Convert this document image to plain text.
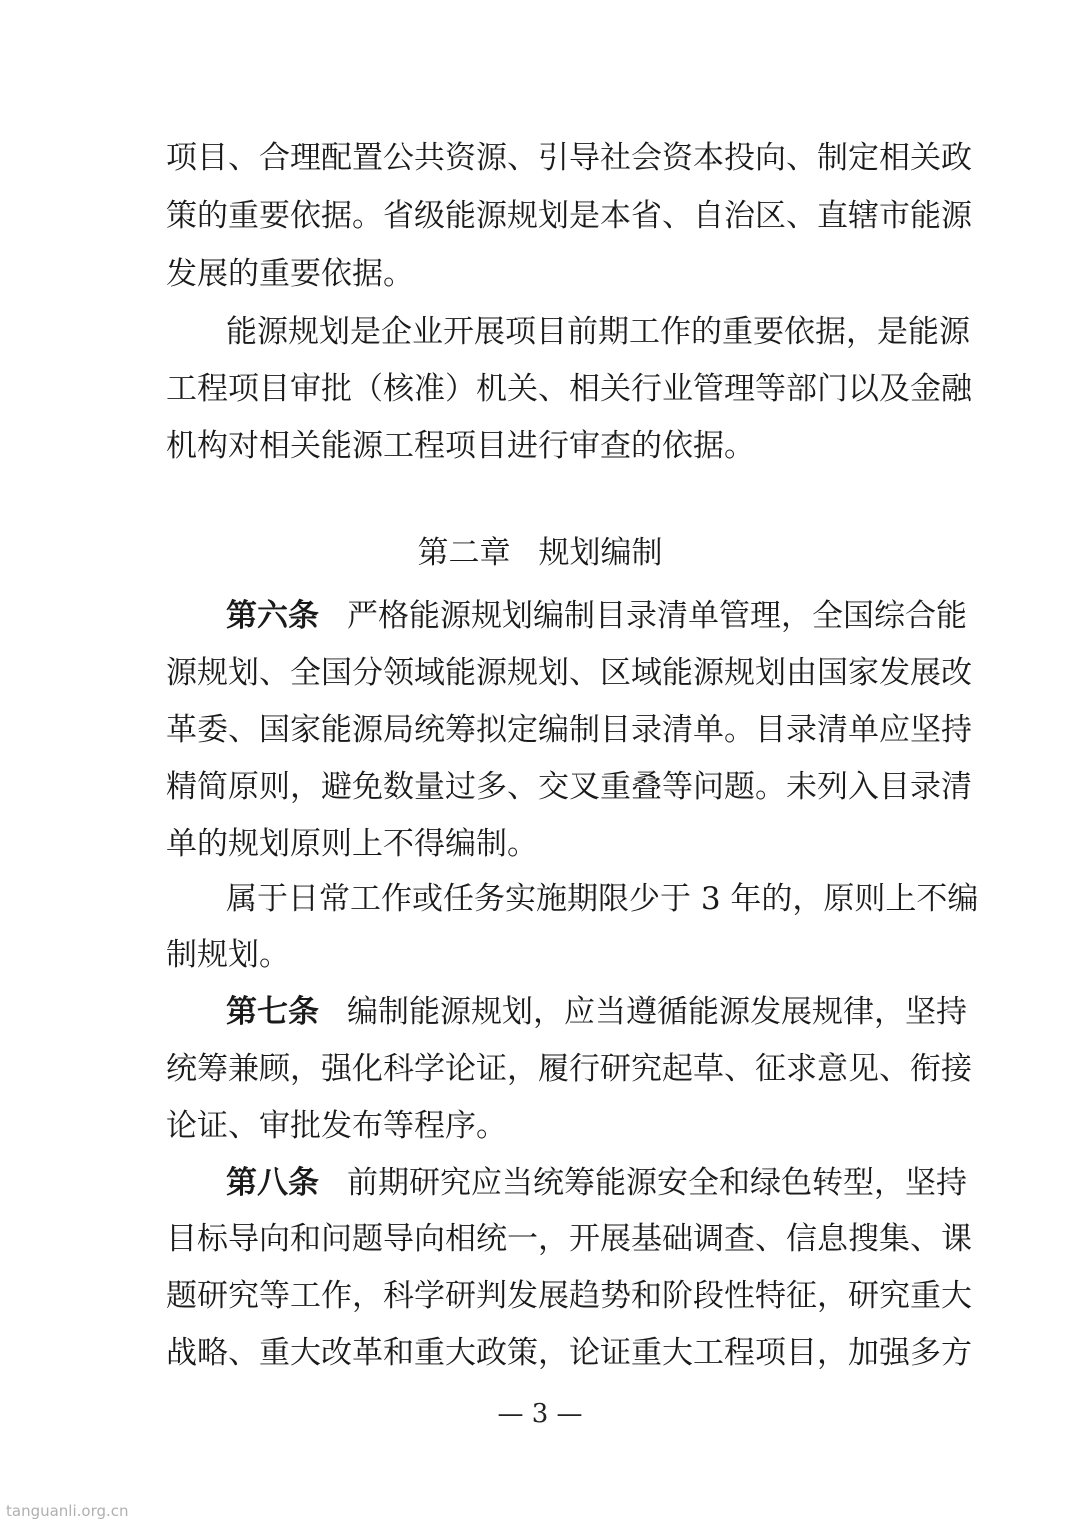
项目、合理配置公共资源、引导社会资本投向、制定相关政
策的重要依据。省级能源规划是本省、自治区、直辖市能源
发展的重要依据。
能源规划是企业开展项目前期工作的重要依据，是能源
工程项目审批（核准）机关、相关行业管理等部门以及金融
机构对相关能源工程项目进行审查的依据。
第二章 规划编制
第六条 严格能源规划编制目录清单管理，全国综合能
源规划、全国分领域能源规划、区域能源规划由国家发展改
革委、国家能源局统筹拟定编制目录清单。目录清单应坚持
精简原则，避免数量过多、交叉重叠等问题。未列入目录清
单的规划原则上不得编制。
属于日常工作或任务实施期限少于 3 年的，原则上不编
制规划。
第七条 编制能源规划，应当遵循能源发展规律，坚持
统筹兼顾，强化科学论证，履行研究起草、征求意见、衔接
论证、审批发布等程序。
第八条 前期研究应当统筹能源安全和绿色转型，坚持
目标导向和问题导向相统一，开展基础调查、信息搜集、课
题研究等工作，科学研判发展趋势和阶段性特征，研究重大
战略、重大改革和重大政策，论证重大工程项目，加强多方
— 3 —
tanguanli.org.cn
